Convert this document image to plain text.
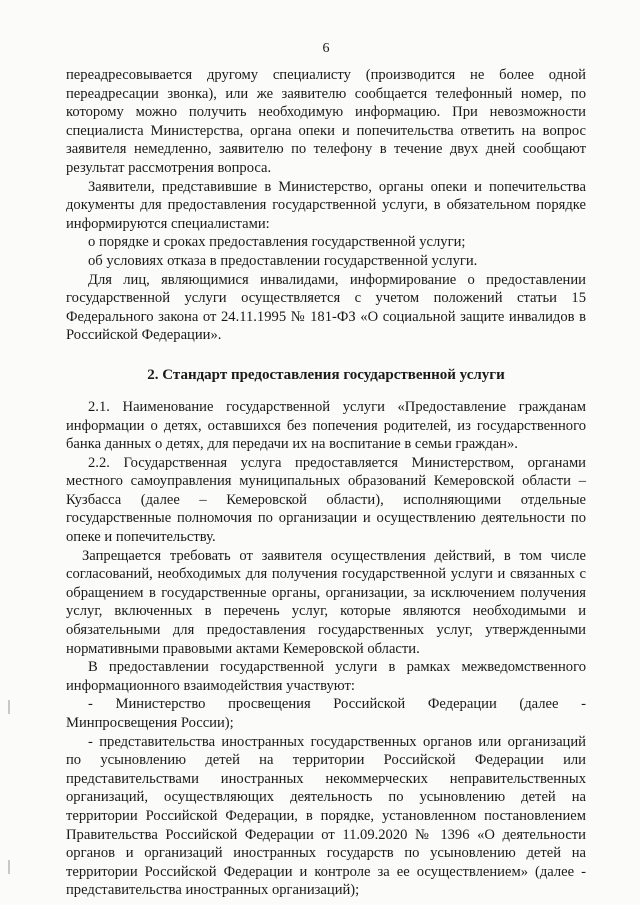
6

переадресовывается другому специалисту (производится не более одной переадресации звонка), или же заявителю сообщается телефонный номер, по которому можно получить необходимую информацию. При невозможности специалиста Министерства, органа опеки и попечительства ответить на вопрос заявителя немедленно, заявителю по телефону в течение двух дней сообщают результат рассмотрения вопроса.

Заявители, представившие в Министерство, органы опеки и попечительства документы для предоставления государственной услуги, в обязательном порядке информируются специалистами:

о порядке и сроках предоставления государственной услуги;

об условиях отказа в предоставлении государственной услуги.

Для лиц, являющимися инвалидами, информирование о предоставлении государственной услуги осуществляется с учетом положений статьи 15 Федерального закона от 24.11.1995 № 181-ФЗ «О социальной защите инвалидов в Российской Федерации».

2. Стандарт предоставления государственной услуги

2.1. Наименование государственной услуги «Предоставление гражданам информации о детях, оставшихся без попечения родителей, из государственного банка данных о детях, для передачи их на воспитание в семьи граждан».

2.2. Государственная услуга предоставляется Министерством, органами местного самоуправления муниципальных образований Кемеровской области – Кузбасса (далее – Кемеровской области), исполняющими отдельные государственные полномочия по организации и осуществлению деятельности по опеке и попечительству.

Запрещается требовать от заявителя осуществления действий, в том числе согласований, необходимых для получения государственной услуги и связанных с обращением в государственные органы, организации, за исключением получения услуг, включенных в перечень услуг, которые являются необходимыми и обязательными для предоставления государственных услуг, утвержденными нормативными правовыми актами Кемеровской области.

В предоставлении государственной услуги в рамках межведомственного информационного взаимодействия участвуют:

- Министерство просвещения Российской Федерации (далее - Минпросвещения России);

- представительства иностранных государственных органов или организаций по усыновлению детей на территории Российской Федерации или представительствами иностранных некоммерческих неправительственных организаций, осуществляющих деятельность по усыновлению детей на территории Российской Федерации, в порядке, установленном постановлением Правительства Российской Федерации от 11.09.2020 № 1396 «О деятельности органов и организаций иностранных государств по усыновлению детей на территории Российской Федерации и контроле за ее осуществлением» (далее - представительства иностранных организаций);
